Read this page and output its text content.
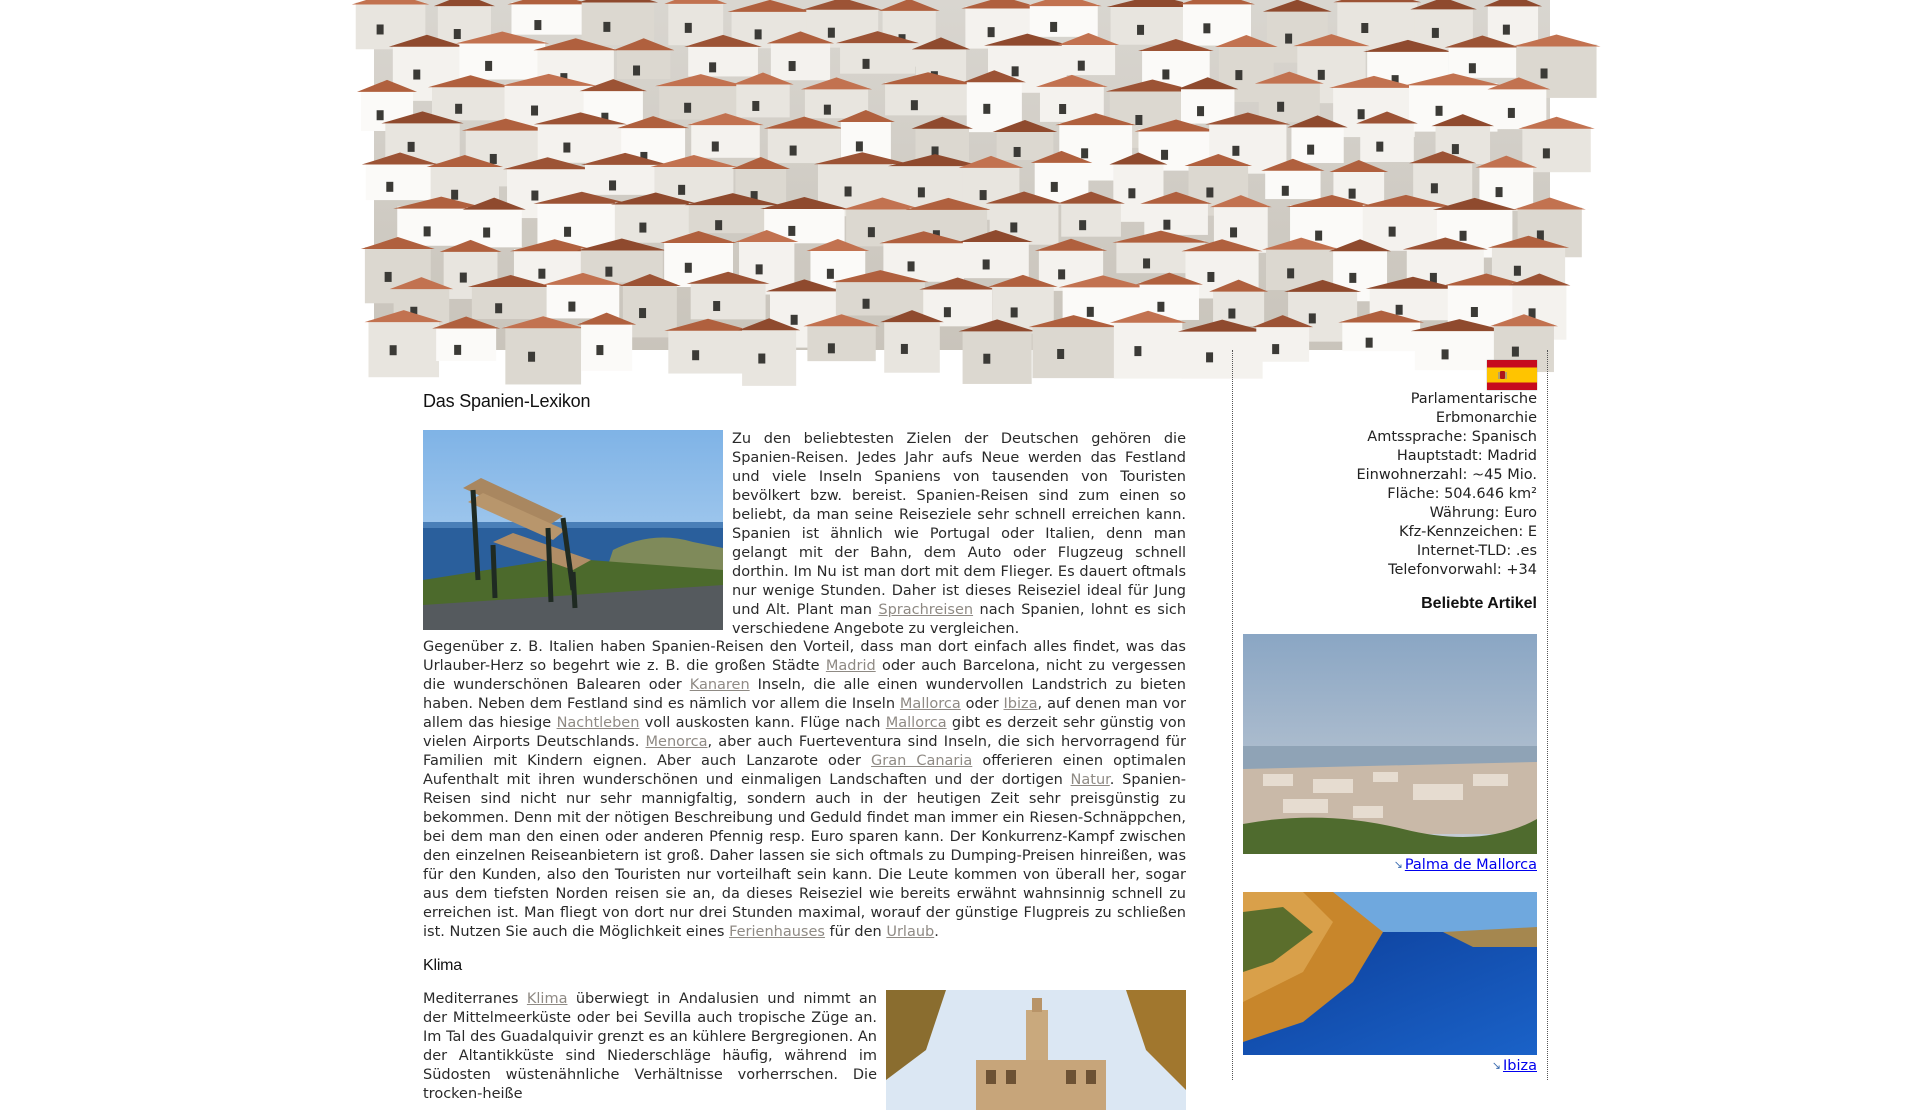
Das Spanien-Lexikon

Zu den beliebtesten Zielen der Deutschen gehören die Spanien-Reisen. Jedes Jahr aufs Neue werden das Festland und viele Inseln Spaniens von tausenden von Touristen bevölkert bzw. bereist. Spanien-Reisen sind zum einen so beliebt, da man seine Reiseziele sehr schnell erreichen kann. Spanien ist ähnlich wie Portugal oder Italien, denn man gelangt mit der Bahn, dem Auto oder Flugzeug schnell dorthin. Im Nu ist man dort mit dem Flieger. Es dauert oftmals nur wenige Stunden. Daher ist dieses Reiseziel ideal für Jung und Alt. Plant man Sprachreisen nach Spanien, lohnt es sich verschiedene Angebote zu vergleichen.

Gegenüber z. B. Italien haben Spanien-Reisen den Vorteil, dass man dort einfach alles findet, was das Urlauber-Herz so begehrt wie z. B. die großen Städte Madrid oder auch Barcelona, nicht zu vergessen die wunderschönen Balearen oder Kanaren Inseln, die alle einen wundervollen Landstrich zu bieten haben. Neben dem Festland sind es nämlich vor allem die Inseln Mallorca oder Ibiza, auf denen man vor allem das hiesige Nachtleben voll auskosten kann. Flüge nach Mallorca gibt es derzeit sehr günstig von vielen Airports Deutschlands. Menorca, aber auch Fuerteventura sind Inseln, die sich hervorragend für Familien mit Kindern eignen. Aber auch Lanzarote oder Gran Canaria offerieren einen optimalen Aufenthalt mit ihren wunderschönen und einmaligen Landschaften und der dortigen Natur. Spanien-Reisen sind nicht nur sehr mannigfaltig, sondern auch in der heutigen Zeit sehr preisgünstig zu bekommen. Denn mit der nötigen Beschreibung und Geduld findet man immer ein Riesen-Schnäppchen, bei dem man den einen oder anderen Pfennig resp. Euro sparen kann. Der Konkurrenz-Kampf zwischen den einzelnen Reiseanbietern ist groß. Daher lassen sie sich oftmals zu Dumping-Preisen hinreißen, was für den Kunden, also den Touristen nur vorteilhaft sein kann. Die Leute kommen von überall her, sogar aus dem tiefsten Norden reisen sie an, da dieses Reiseziel wie bereits erwähnt wahnsinnig schnell zu erreichen ist. Man fliegt von dort nur drei Stunden maximal, worauf der günstige Flugpreis zu schließen ist. Nutzen Sie auch die Möglichkeit eines Ferienhauses für den Urlaub.

Klima

Mediterranes Klima überwiegt in Andalusien und nimmt an der Mittelmeerküste oder bei Sevilla auch tropische Züge an. Im Tal des Guadalquivir grenzt es an kühlere Bergregionen. An der Altantikküste sind Niederschläge häufig, während im Südosten wüstenähnliche Verhältnisse vorherrschen. Die trocken-heiße

Parlamentarische
Erbmonarchie
Amtssprache: Spanisch
Hauptstadt: Madrid
Einwohnerzahl: ~45 Mio.
Fläche: 504.646 km²
Währung: Euro
Kfz-Kennzeichen: E
Internet-TLD: .es
Telefonvorwahl: +34
Beliebte Artikel
↘ Palma de Mallorca
↘ Ibiza
